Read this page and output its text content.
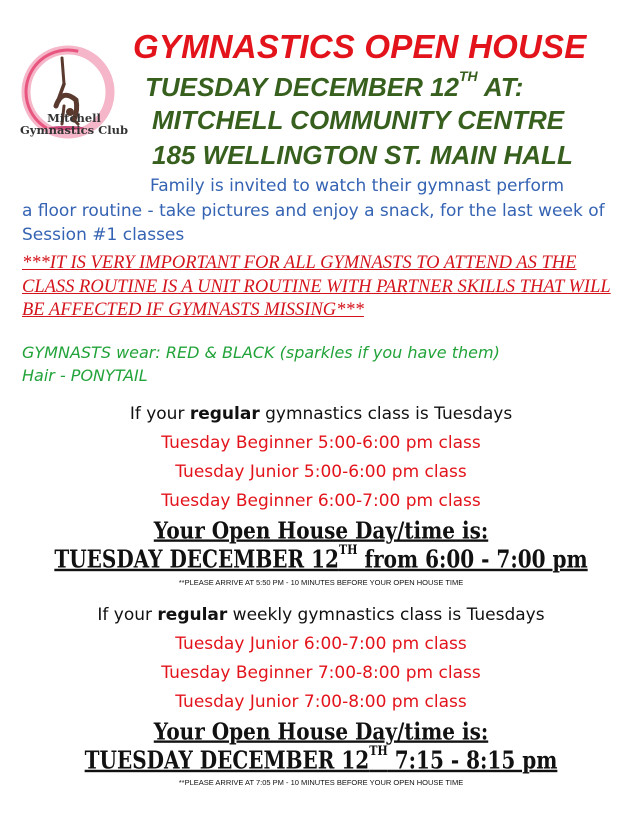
Mitchell
Gymnastics Club
GYMNASTICS OPEN HOUSE
TUESDAY DECEMBER 12TH AT:
MITCHELL COMMUNITY CENTRE
185 WELLINGTON ST. MAIN HALL
Family is invited to watch their gymnast perform
a floor routine - take pictures and enjoy a snack, for the last week of Session #1 classes
***IT IS VERY IMPORTANT FOR ALL GYMNASTS TO ATTEND AS THE CLASS ROUTINE IS A UNIT ROUTINE WITH PARTNER SKILLS THAT WILL BE AFFECTED IF GYMNASTS MISSING***
GYMNASTS wear: RED & BLACK (sparkles if you have them)
Hair - PONYTAIL
If your regular gymnastics class is Tuesdays
Tuesday Beginner 5:00-6:00 pm class
Tuesday Junior 5:00-6:00 pm class
Tuesday Beginner 6:00-7:00 pm class
Your Open House Day/time is:
TUESDAY DECEMBER 12TH from 6:00 - 7:00 pm
**PLEASE ARRIVE AT 5:50 PM - 10 MINUTES BEFORE YOUR OPEN HOUSE TIME
If your regular weekly gymnastics class is Tuesdays
Tuesday Junior 6:00-7:00 pm class
Tuesday Beginner 7:00-8:00 pm class
Tuesday Junior 7:00-8:00 pm class
Your Open House Day/time is:
TUESDAY DECEMBER 12TH 7:15 - 8:15 pm
**PLEASE ARRIVE AT 7:05 PM - 10 MINUTES BEFORE YOUR OPEN HOUSE TIME
